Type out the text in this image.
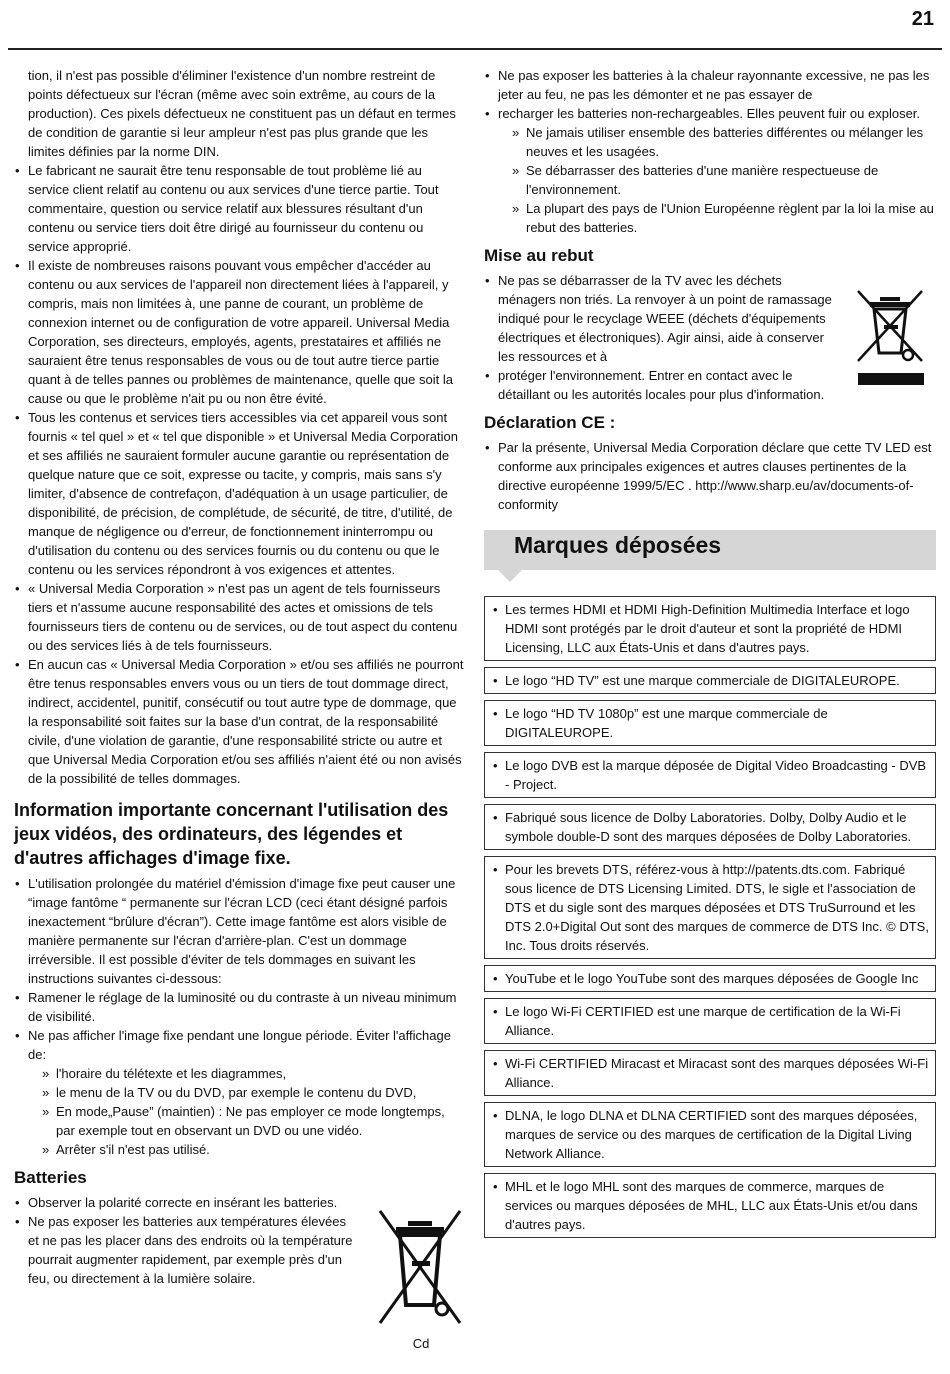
21

tion, il n'est pas possible d'éliminer l'existence d'un nombre restreint de points défectueux sur l'écran (même avec soin extrême, au cours de la production). Ces pixels défectueux ne constituent pas un défaut en termes de condition de garantie si leur ampleur n'est pas plus grande que les limites définies par la norme DIN.

• Le fabricant ne saurait être tenu responsable de tout problème lié au service client relatif au contenu ou aux services d'une tierce partie. Tout commentaire, question ou service relatif aux blessures résultant d'un contenu ou service tiers doit être dirigé au fournisseur du contenu ou service approprié.
• Il existe de nombreuses raisons pouvant vous empêcher d'accéder au contenu ou aux services de l'appareil non directement liées à l'appareil, y compris, mais non limitées à, une panne de courant, un problème de connexion internet ou de configuration de votre appareil. Universal Media Corporation, ses directeurs, employés, agents, prestataires et affiliés ne sauraient être tenus responsables de vous ou de tout autre tierce partie quant à de telles pannes ou problèmes de maintenance, quelle que soit la cause ou que le problème n'ait pu ou non être évité.
• Tous les contenus et services tiers accessibles via cet appareil vous sont fournis « tel quel » et « tel que disponible » et Universal Media Corporation et ses affiliés ne sauraient formuler aucune garantie ou représentation de quelque nature que ce soit, expresse ou tacite, y compris, mais sans s'y limiter, d'absence de contrefaçon, d'adéquation à un usage particulier, de disponibilité, de précision, de complétude, de sécurité, de titre, d'utilité, de manque de négligence ou d'erreur, de fonctionnement ininterrompu ou d'utilisation du contenu ou des services fournis ou du contenu ou que le contenu ou les services répondront à vos exigences et attentes.
• « Universal Media Corporation » n'est pas un agent de tels fournisseurs tiers et n'assume aucune responsabilité des actes et omissions de tels fournisseurs tiers de contenu ou de services, ou de tout aspect du contenu ou des services liés à de tels fournisseurs.
• En aucun cas « Universal Media Corporation » et/ou ses affiliés ne pourront être tenus responsables envers vous ou un tiers de tout dommage direct, indirect, accidentel, punitif, consécutif ou tout autre type de dommage, que la responsabilité soit faites sur la base d'un contrat, de la responsabilité civile, d'une violation de garantie, d'une responsabilité stricte ou autre et que Universal Media Corporation et/ou ses affiliés n'aient été ou non avisés de la possibilité de telles dommages.
Information importante concernant l'utilisation des jeux vidéos, des ordinateurs, des légendes et d'autres affichages d'image fixe.
• L'utilisation prolongée du matériel d'émission d'image fixe peut causer une “image fantôme “ permanente sur l'écran LCD (ceci étant désigné parfois inexactement “brûlure d'écran”). Cette image fantôme est alors visible de manière permanente sur l'écran d'arrière-plan. C'est un dommage irréversible. Il est possible d'éviter de tels dommages en suivant les instructions suivantes ci-dessous:
• Ramener le réglage de la luminosité ou du contraste à un niveau minimum de visibilité.
• Ne pas afficher l'image fixe pendant une longue période. Éviter l'affichage de:
» l'horaire du télétexte et les diagrammes,
» le menu de la TV ou du DVD, par exemple le contenu du DVD,
» En mode„Pause” (maintien) : Ne pas employer ce mode longtemps, par exemple tout en observant un DVD ou une vidéo.
» Arrêter s'il n'est pas utilisé.
Batteries
Cd
• Observer la polarité correcte en insérant les batteries.
• Ne pas exposer les batteries aux températures élevées et ne pas les placer dans des endroits où la température pourrait augmenter rapidement, par exemple près d'un feu, ou directement à la lumière solaire.
• Ne pas exposer les batteries à la chaleur rayonnante excessive, ne pas les jeter au feu, ne pas les démonter et ne pas essayer de
• recharger les batteries non-rechargeables. Elles peuvent fuir ou exploser.
» Ne jamais utiliser ensemble des batteries différentes ou mélanger les neuves et les usagées.
» Se débarrasser des batteries d'une manière respectueuse de l'environnement.
» La plupart des pays de l'Union Européenne règlent par la loi la mise au rebut des batteries.
Mise au rebut
• Ne pas se débarrasser de la TV avec les déchets ménagers non triés. La renvoyer à un point de ramassage indiqué pour le recyclage WEEE (déchets d'équipements électriques et électroniques). Agir ainsi, aide à conserver les ressources et à
• protéger l'environnement. Entrer en contact avec le détaillant ou les autorités locales pour plus d'information.
Déclaration CE :
• Par la présente, Universal Media Corporation déclare que cette TV LED est conforme aux principales exigences et autres clauses pertinentes de la directive européenne 1999/5/EC . http://www.sharp.eu/av/documents-of-conformity
Marques déposées
• Les termes HDMI et HDMI High-Definition Multimedia Interface et logo HDMI sont protégés par le droit d'auteur et sont la propriété de HDMI Licensing, LLC aux États-Unis et dans d'autres pays.
• Le logo “HD TV” est une marque commerciale de DIGITALEUROPE.
• Le logo “HD TV 1080p” est une marque commerciale de DIGITALEUROPE.
• Le logo DVB est la marque déposée de Digital Video Broadcasting - DVB - Project.
• Fabriqué sous licence de Dolby Laboratories. Dolby, Dolby Audio et le symbole double-D sont des marques déposées de Dolby Laboratories.
• Pour les brevets DTS, référez-vous à http://patents.dts.com. Fabriqué sous licence de DTS Licensing Limited. DTS, le sigle et l'association de DTS et du sigle sont des marques déposées et DTS TruSurround et les DTS 2.0+Digital Out sont des marques de commerce de DTS Inc. © DTS, Inc. Tous droits réservés.
• YouTube et le logo YouTube sont des marques déposées de Google Inc
• Le logo Wi-Fi CERTIFIED est une marque de certification de la Wi-Fi Alliance.
• Wi-Fi CERTIFIED Miracast et Miracast sont des marques déposées Wi-Fi Alliance.
• DLNA, le logo DLNA et DLNA CERTIFIED sont des marques déposées, marques de service ou des marques de certification de la Digital Living Network Alliance.
• MHL et le logo MHL sont des marques de commerce, marques de services ou marques déposées de MHL, LLC aux États-Unis et/ou dans d'autres pays.
